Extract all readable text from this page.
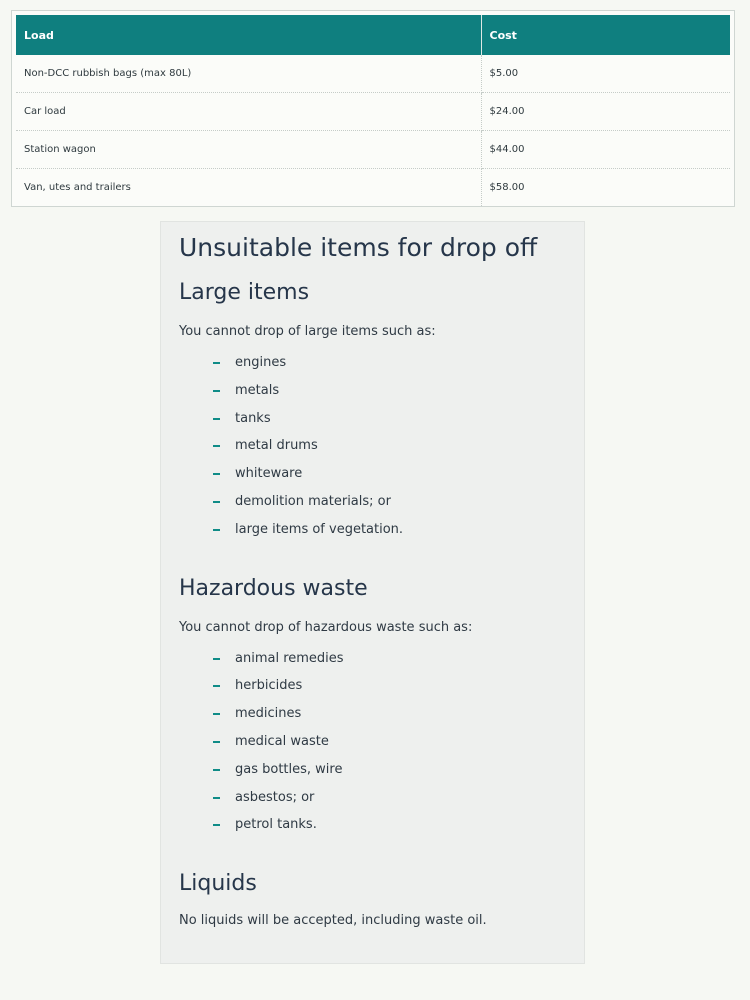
Load	Cost
Non-DCC rubbish bags (max 80L)	$5.00
Car load	$24.00
Station wagon	$44.00
Van, utes and trailers	$58.00
Unsuitable items for drop off
Large items

You cannot drop of large items such as:

engines
metals
tanks
metal drums
whiteware
demolition materials; or
large items of vegetation.
Hazardous waste

You cannot drop of hazardous waste such as:

animal remedies
herbicides
medicines
medical waste
gas bottles, wire
asbestos; or
petrol tanks.
Liquids

No liquids will be accepted, including waste oil.
